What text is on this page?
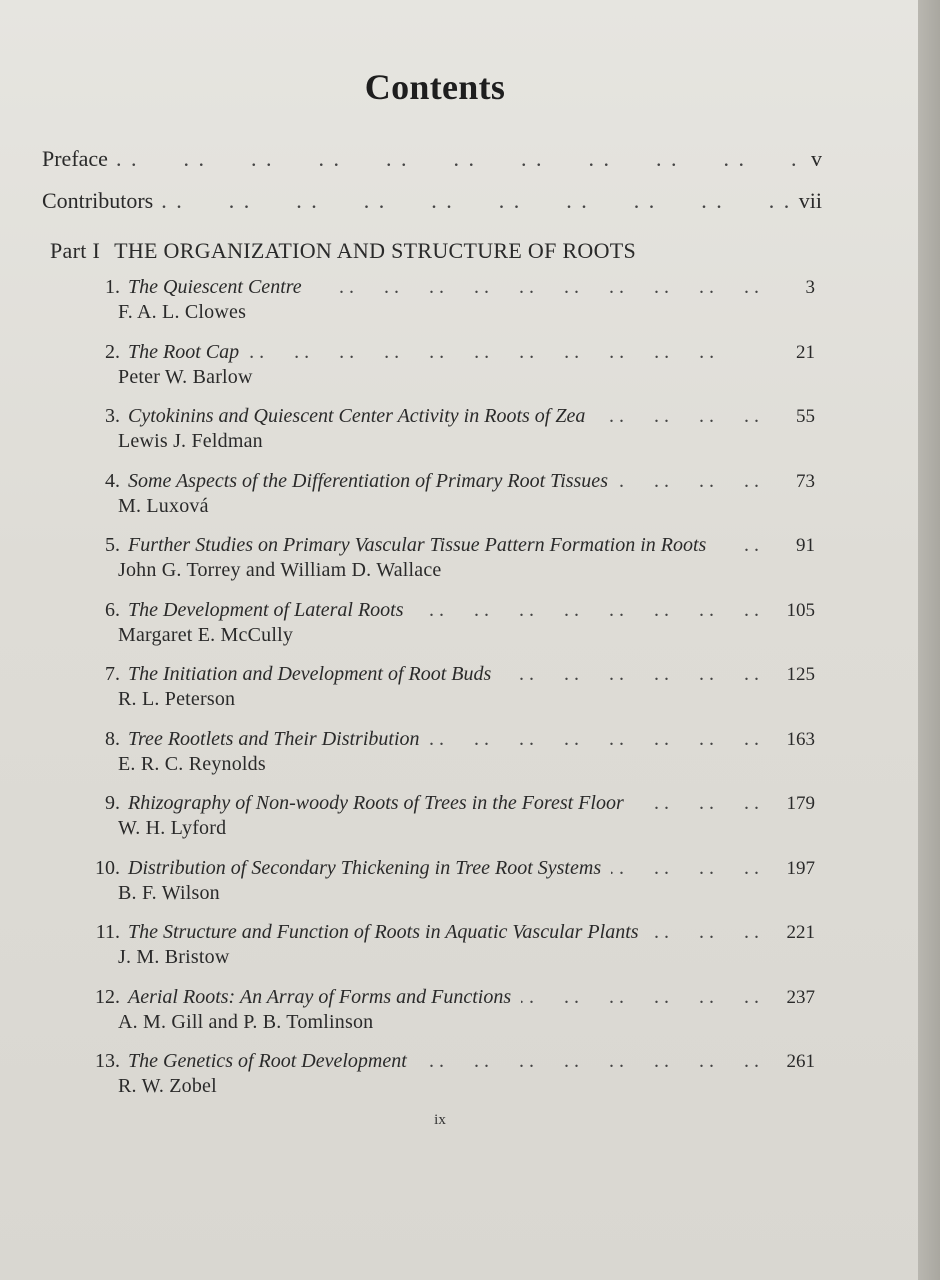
Contents
Preface . .	v
Contributors . .	vii
Part I THE ORGANIZATION AND STRUCTURE OF ROOTS
1. The Quiescent Centre . .	3
F. A. L. Clowes
2. The Root Cap . .	21
Peter W. Barlow
3. Cytokinins and Quiescent Center Activity in Roots of Zea . .	55
Lewis J. Feldman
4. Some Aspects of the Differentiation of Primary Root Tissues . .	73
M. Luxová
5. Further Studies on Primary Vascular Tissue Pattern Formation in Roots . .	91
John G. Torrey and William D. Wallace
6. The Development of Lateral Roots . .	105
Margaret E. McCully
7. The Initiation and Development of Root Buds . .	125
R. L. Peterson
8. Tree Rootlets and Their Distribution . .	163
E. R. C. Reynolds
9. Rhizography of Non-woody Roots of Trees in the Forest Floor . .	179
W. H. Lyford
10. Distribution of Secondary Thickening in Tree Root Systems . .	197
B. F. Wilson
11. The Structure and Function of Roots in Aquatic Vascular Plants . .	221
J. M. Bristow
12. Aerial Roots: An Array of Forms and Functions . .	237
A. M. Gill and P. B. Tomlinson
13. The Genetics of Root Development . .	261
R. W. Zobel
ix
